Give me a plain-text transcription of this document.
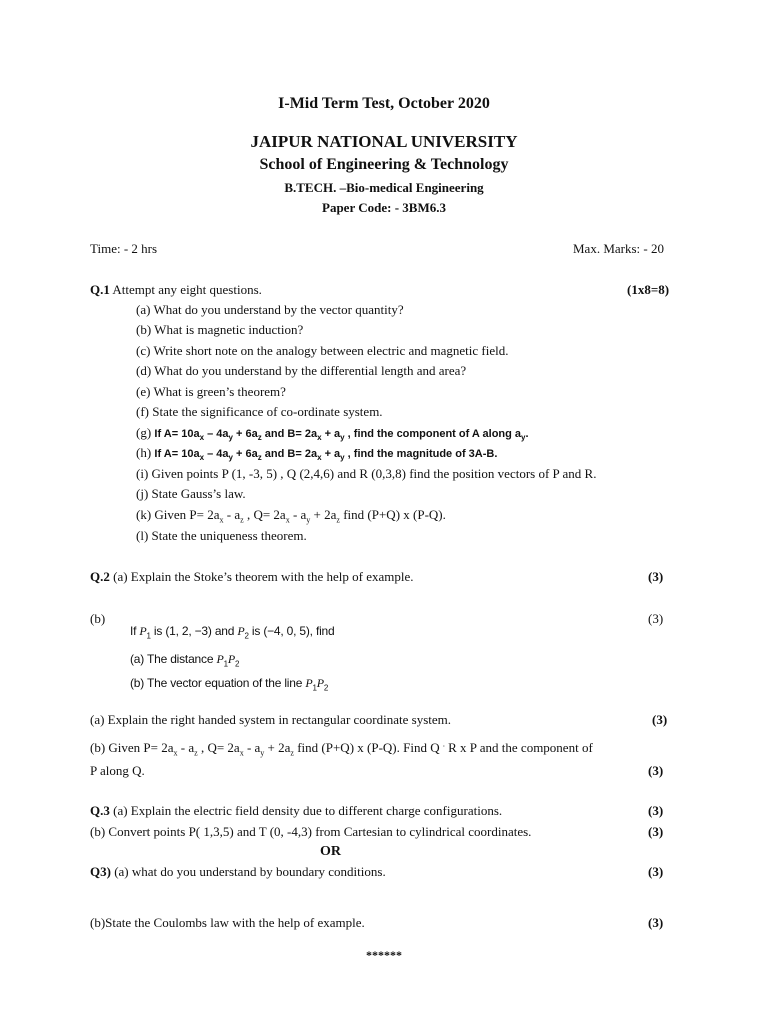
I-Mid Term Test, October 2020
JAIPUR NATIONAL UNIVERSITY
School of Engineering & Technology
B.TECH. –Bio-medical Engineering
Paper Code: - 3BM6.3
Time: - 2 hrs	Max. Marks: - 20
Q.1 Attempt any eight questions.	(1x8=8)
(a) What do you understand by the vector quantity?
(b) What is magnetic induction?
(c) Write short note on the analogy between electric and magnetic field.
(d) What do you understand by the differential length and area?
(e) What is green’s theorem?
(f) State the significance of co-ordinate system.
(g) If $A= 10a_x - 4a_y + 6a_z$ and $B= 2a_x + a_y$ , find the component of A along $a_y$.
(h) If $A= 10a_x - 4a_y + 6a_z$ and $B= 2a_x + a_y$ , find the magnitude of 3A-B.
(i) Given points P (1, -3, 5) , Q (2,4,6) and R (0,3,8) find the position vectors of P and R.
(j) State Gauss’s law.
(k) Given $P= 2a_x - a_z$ , $Q= 2a_x - a_y + 2a_z$ find (P+Q) x (P-Q).
(l) State the uniqueness theorem.
Q.2 (a) Explain the Stoke’s theorem with the help of example.	(3)
(b)	(3)
If $P_1$ is (1, 2, −3) and $P_2$ is (−4, 0, 5), find
(a) The distance $P_1P_2$
(b) The vector equation of the line $P_1P_2$
(a) Explain the right handed system in rectangular coordinate system.	(3)
(b) Given $P= 2a_x - a_z$ , $Q= 2a_x - a_y + 2a_z$ find (P+Q) x (P-Q). Find Q . R x P and the component of
P along Q.	(3)
Q.3 (a) Explain the electric field density due to different charge configurations.	(3)
(b) Convert points P( 1,3,5) and T (0, -4,3) from Cartesian to cylindrical coordinates.	(3)
OR
Q3) (a) what do you understand by boundary conditions.	(3)
(b)State the Coulombs law with the help of example.	(3)
******
